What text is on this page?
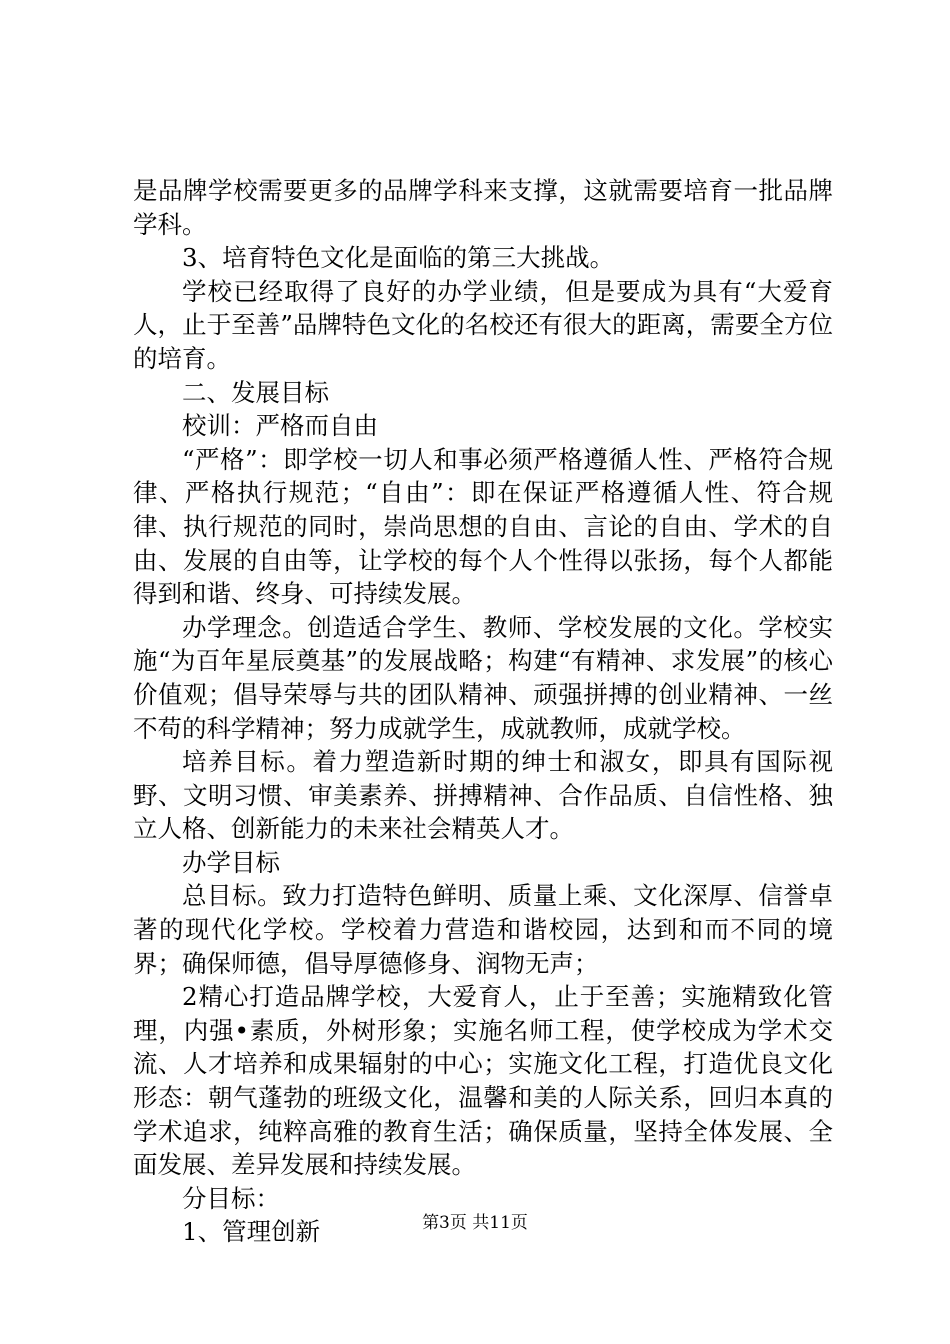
是品牌学校需要更多的品牌学科来支撑，这就需要培育一批品牌学科。

3、培育特色文化是面临的第三大挑战。

学校已经取得了良好的办学业绩，但是要成为具有“大爱育人，止于至善”品牌特色文化的名校还有很大的距离，需要全方位的培育。

二、发展目标

校训：严格而自由

“严格”：即学校一切人和事必须严格遵循人性、严格符合规律、严格执行规范；“自由”：即在保证严格遵循人性、符合规律、执行规范的同时，崇尚思想的自由、言论的自由、学术的自由、发展的自由等，让学校的每个人个性得以张扬，每个人都能得到和谐、终身、可持续发展。

办学理念。创造适合学生、教师、学校发展的文化。学校实施“为百年星辰奠基”的发展战略；构建“有精神、求发展”的核心价值观；倡导荣辱与共的团队精神、顽强拼搏的创业精神、一丝不苟的科学精神；努力成就学生，成就教师，成就学校。

培养目标。着力塑造新时期的绅士和淑女，即具有国际视野、文明习惯、审美素养、拼搏精神、合作品质、自信性格、独立人格、创新能力的未来社会精英人才。

办学目标

总目标。致力打造特色鲜明、质量上乘、文化深厚、信誉卓著的现代化学校。学校着力营造和谐校园，达到和而不同的境界；确保师德，倡导厚德修身、润物无声；

2精心打造品牌学校，大爱育人，止于至善；实施精致化管理，内强•素质，外树形象；实施名师工程，使学校成为学术交流、人才培养和成果辐射的中心；实施文化工程，打造优良文化形态：朝气蓬勃的班级文化，温馨和美的人际关系，回归本真的学术追求，纯粹高雅的教育生活；确保质量，坚持全体发展、全面发展、差异发展和持续发展。

分目标：

1、管理创新	第3页 共11页
